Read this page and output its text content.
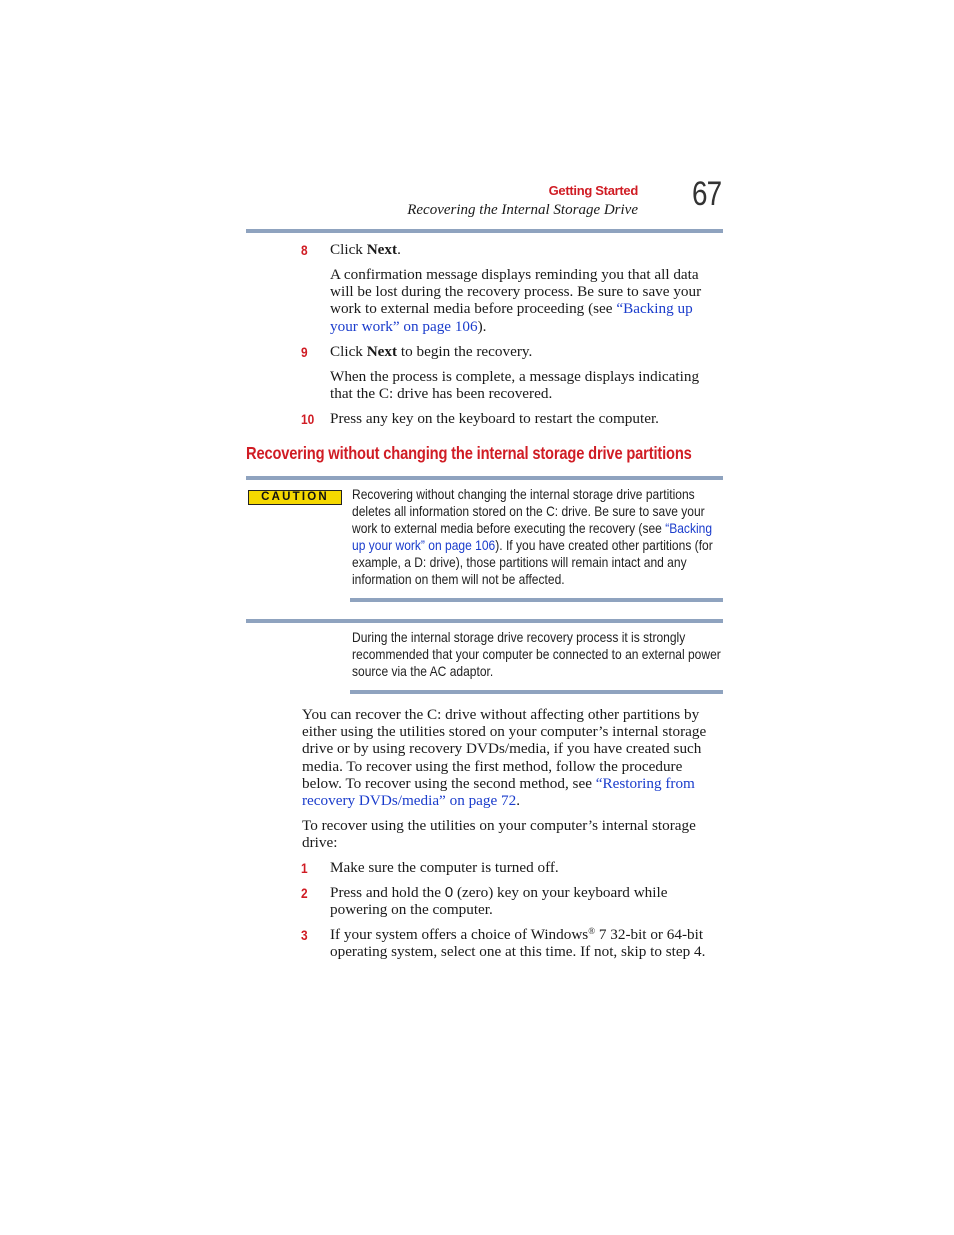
Getting Started
Recovering the Internal Storage Drive 67
8 Click Next.
A confirmation message displays reminding you that all data will be lost during the recovery process. Be sure to save your work to external media before proceeding (see “Backing up your work” on page 106).
9 Click Next to begin the recovery.
When the process is complete, a message displays indicating that the C: drive has been recovered.
10 Press any key on the keyboard to restart the computer.
Recovering without changing the internal storage drive partitions
CAUTION	Recovering without changing the internal storage drive partitions deletes all information stored on the C: drive. Be sure to save your work to external media before executing the recovery (see “Backing up your work” on page 106). If you have created other partitions (for example, a D: drive), those partitions will remain intact and any information on them will not be affected.
During the internal storage drive recovery process it is strongly recommended that your computer be connected to an external power source via the AC adaptor.
You can recover the C: drive without affecting other partitions by either using the utilities stored on your computer’s internal storage drive or by using recovery DVDs/media, if you have created such media. To recover using the first method, follow the procedure below. To recover using the second method, see “Restoring from recovery DVDs/media” on page 72.
To recover using the utilities on your computer’s internal storage drive:
1 Make sure the computer is turned off.
2 Press and hold the 0 (zero) key on your keyboard while powering on the computer.
3 If your system offers a choice of Windows® 7 32-bit or 64-bit operating system, select one at this time. If not, skip to step 4.
